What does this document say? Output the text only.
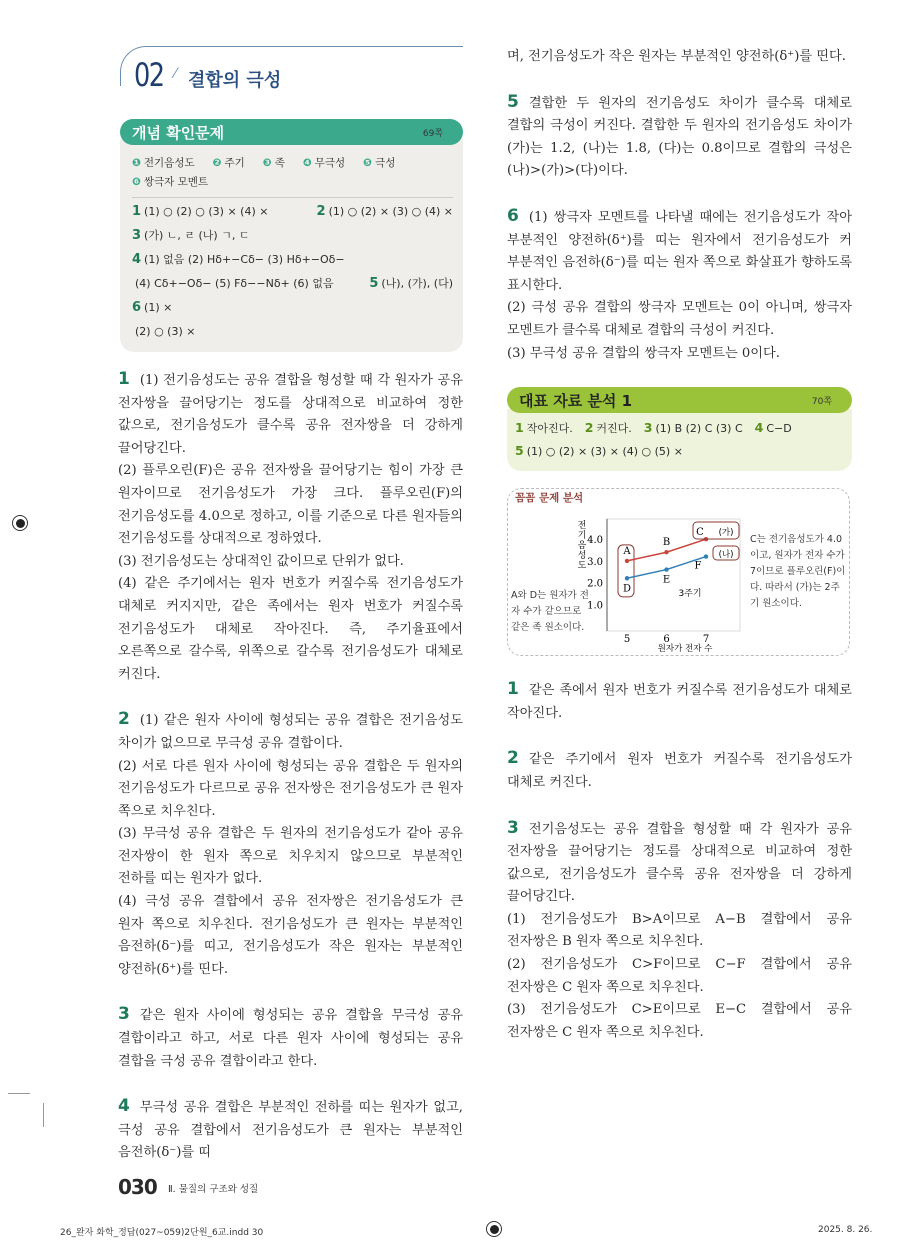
02 ⁄ 결합의 극성
개념 확인문제	69쪽
❶ 전기음성도 ❷ 주기 ❸ 족 ❹ 무극성 ❺ 극성❻ 쌍극자 모멘트
1 (1) ○ (2) ○ (3) × (4) ×	2 (1) ○ (2) × (3) ○ (4) ×
3 (가) ㄴ, ㄹ (나) ㄱ, ㄷ
4 (1) 없음 (2) Hδ+−Cδ− (3) Hδ+−Oδ−
(4) Cδ+−Oδ− (5) Fδ−−Nδ+ (6) 없음	5 (나), (가), (다)
6 (1) ×
(2) ○ (3) ×

1 (1) 전기음성도는 공유 결합을 형성할 때 각 원자가 공유 전자쌍을 끌어당기는 정도를 상대적으로 비교하여 정한 값으로, 전기음성도가 클수록 공유 전자쌍을 더 강하게 끌어당긴다.

(2) 플루오린(F)은 공유 전자쌍을 끌어당기는 힘이 가장 큰 원자이므로 전기음성도가 가장 크다. 플루오린(F)의 전기음성도를 4.0으로 정하고, 이를 기준으로 다른 원자들의 전기음성도를 상대적으로 정하였다.

(3) 전기음성도는 상대적인 값이므로 단위가 없다.

(4) 같은 주기에서는 원자 번호가 커질수록 전기음성도가 대체로 커지지만, 같은 족에서는 원자 번호가 커질수록 전기음성도가 대체로 작아진다. 즉, 주기율표에서 오른쪽으로 갈수록, 위쪽으로 갈수록 전기음성도가 대체로 커진다.

2 (1) 같은 원자 사이에 형성되는 공유 결합은 전기음성도 차이가 없으므로 무극성 공유 결합이다.

(2) 서로 다른 원자 사이에 형성되는 공유 결합은 두 원자의 전기음성도가 다르므로 공유 전자쌍은 전기음성도가 큰 원자 쪽으로 치우친다.

(3) 무극성 공유 결합은 두 원자의 전기음성도가 같아 공유 전자쌍이 한 원자 쪽으로 치우치지 않으므로 부분적인 전하를 띠는 원자가 없다.

(4) 극성 공유 결합에서 공유 전자쌍은 전기음성도가 큰 원자 쪽으로 치우친다. 전기음성도가 큰 원자는 부분적인 음전하(δ⁻)를 띠고, 전기음성도가 작은 원자는 부분적인 양전하(δ⁺)를 띤다.

3 같은 원자 사이에 형성되는 공유 결합을 무극성 공유 결합이라고 하고, 서로 다른 원자 사이에 형성되는 공유 결합을 극성 공유 결합이라고 한다.

4 무극성 공유 결합은 부분적인 전하를 띠는 원자가 없고, 극성 공유 결합에서 전기음성도가 큰 원자는 부분적인 음전하(δ⁻)를 띠

며, 전기음성도가 작은 원자는 부분적인 양전하(δ⁺)를 띤다.

5 결합한 두 원자의 전기음성도 차이가 클수록 대체로 결합의 극성이 커진다. 결합한 두 원자의 전기음성도 차이가 (가)는 1.2, (나)는 1.8, (다)는 0.8이므로 결합의 극성은 (나)>(가)>(다)이다.

6 (1) 쌍극자 모멘트를 나타낼 때에는 전기음성도가 작아 부분적인 양전하(δ⁺)를 띠는 원자에서 전기음성도가 커 부분적인 음전하(δ⁻)를 띠는 원자 쪽으로 화살표가 향하도록 표시한다.

(2) 극성 공유 결합의 쌍극자 모멘트는 0이 아니며, 쌍극자 모멘트가 클수록 대체로 결합의 극성이 커진다.

(3) 무극성 공유 결합의 쌍극자 모멘트는 0이다.

대표 자료 분석 1	70쪽
1 작아진다. 2 커진다. 3 (1) B (2) C (3) C 4 C−D
5 (1) ○ (2) × (3) × (4) ○ (5) ×
꼼꼼 문제 분석
A와 D는 원자가 전자 수가 같으므로 같은 족 원소이다.
C는 전기음성도가 4.0이고, 원자가 전자 수가 7이므로 플루오린(F)이다. 따라서 (가)는 2주기 원소이다.
1.0
2.0
3.0
4.0
5	6	7
원자가 전자 수
전
기
음
성
도
A
B
C
D
E
F
(가)
(나)
3주기

1 같은 족에서 원자 번호가 커질수록 전기음성도가 대체로 작아진다.

2 같은 주기에서 원자 번호가 커질수록 전기음성도가 대체로 커진다.

3 전기음성도는 공유 결합을 형성할 때 각 원자가 공유 전자쌍을 끌어당기는 정도를 상대적으로 비교하여 정한 값으로, 전기음성도가 클수록 공유 전자쌍을 더 강하게 끌어당긴다.

(1) 전기음성도가 B>A이므로 A−B 결합에서 공유 전자쌍은 B 원자 쪽으로 치우친다.

(2) 전기음성도가 C>F이므로 C−F 결합에서 공유 전자쌍은 C 원자 쪽으로 치우친다.

(3) 전기음성도가 C>E이므로 E−C 결합에서 공유 전자쌍은 C 원자 쪽으로 치우친다.

030 Ⅱ. 물질의 구조와 성질
26_완자 화학_정답(027~059)2단원_6교.indd 30	2025. 8. 26.
